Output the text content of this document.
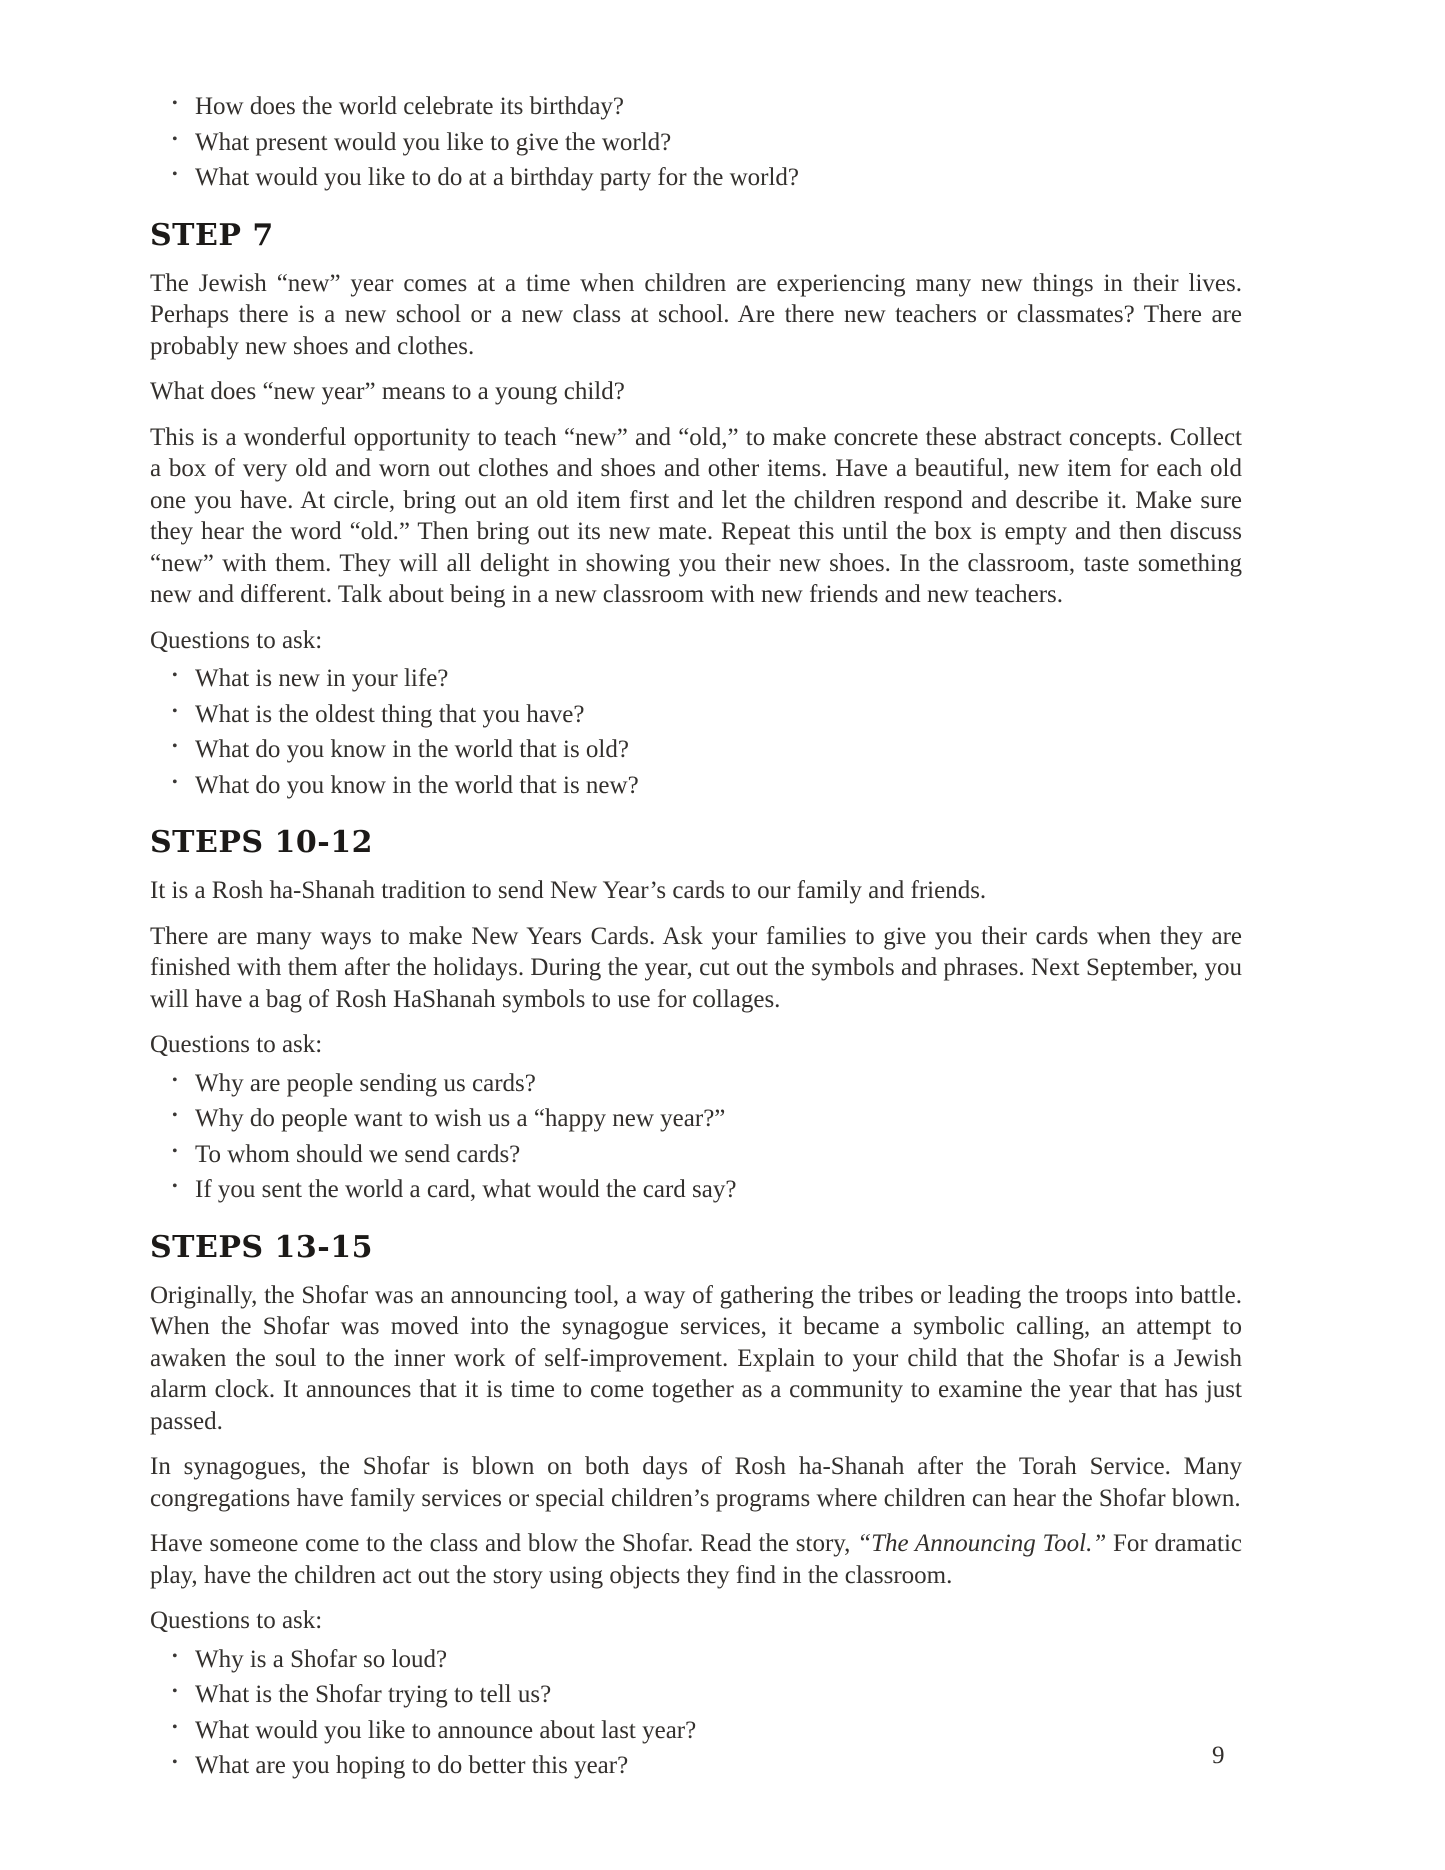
• How does the world celebrate its birthday?
• What present would you like to give the world?
• What would you like to do at a birthday party for the world?
STEP 7

The Jewish “new” year comes at a time when children are experiencing many new things in their lives. Perhaps there is a new school or a new class at school. Are there new teachers or classmates? There are probably new shoes and clothes.

What does “new year” means to a young child?

This is a wonderful opportunity to teach “new” and “old,” to make concrete these abstract concepts. Collect a box of very old and worn out clothes and shoes and other items. Have a beautiful, new item for each old one you have. At circle, bring out an old item first and let the children respond and describe it. Make sure they hear the word “old.” Then bring out its new mate. Repeat this until the box is empty and then discuss “new” with them. They will all delight in showing you their new shoes. In the classroom, taste something new and different. Talk about being in a new classroom with new friends and new teachers.

Questions to ask:

• What is new in your life?
• What is the oldest thing that you have?
• What do you know in the world that is old?
• What do you know in the world that is new?
STEPS 10-12

It is a Rosh ha-Shanah tradition to send New Year’s cards to our family and friends.

There are many ways to make New Years Cards. Ask your families to give you their cards when they are finished with them after the holidays. During the year, cut out the symbols and phrases. Next September, you will have a bag of Rosh HaShanah symbols to use for collages.

Questions to ask:

• Why are people sending us cards?
• Why do people want to wish us a “happy new year?”
• To whom should we send cards?
• If you sent the world a card, what would the card say?
STEPS 13-15

Originally, the Shofar was an announcing tool, a way of gathering the tribes or leading the troops into battle. When the Shofar was moved into the synagogue services, it became a symbolic calling, an attempt to awaken the soul to the inner work of self-improvement. Explain to your child that the Shofar is a Jewish alarm clock. It announces that it is time to come together as a community to examine the year that has just passed.

In synagogues, the Shofar is blown on both days of Rosh ha-Shanah after the Torah Service. Many congregations have family services or special children’s programs where children can hear the Shofar blown.

Have someone come to the class and blow the Shofar. Read the story, “The Announcing Tool.” For dramatic play, have the children act out the story using objects they find in the classroom.

Questions to ask:

• Why is a Shofar so loud?
• What is the Shofar trying to tell us?
• What would you like to announce about last year?
• What are you hoping to do better this year?	9
